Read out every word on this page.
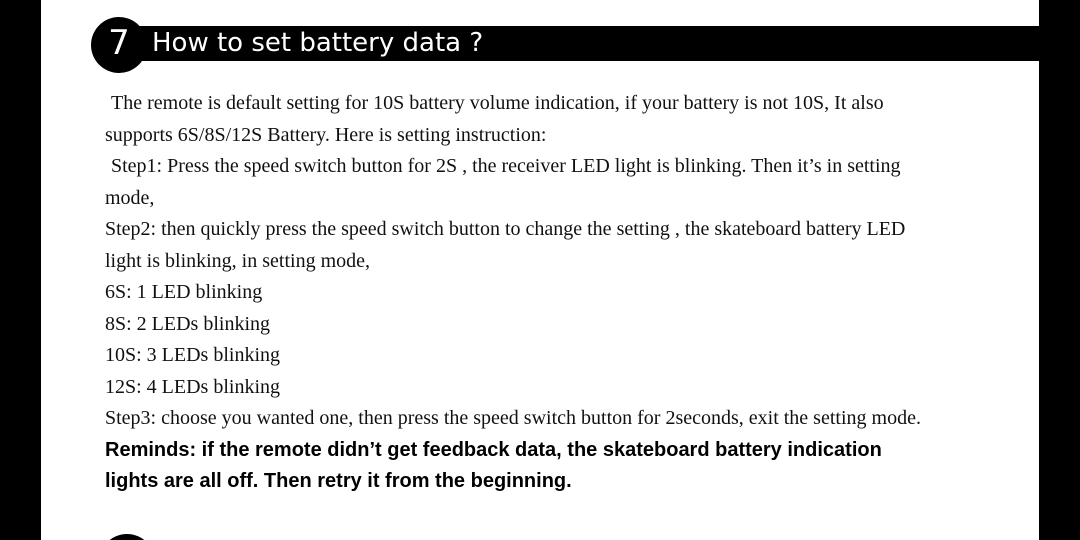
How to set battery data ?
7

The remote is default setting for 10S battery volume indication, if your battery is not 10S, It also

supports 6S/8S/12S Battery. Here is setting instruction:

Step1: Press the speed switch button for 2S , the receiver LED light is blinking. Then it’s in setting

mode,

Step2: then quickly press the speed switch button to change the setting , the skateboard battery LED

light is blinking, in setting mode,

6S: 1 LED blinking

8S: 2 LEDs blinking

10S: 3 LEDs blinking

12S: 4 LEDs blinking

Step3: choose you wanted one, then press the speed switch button for 2seconds, exit the setting mode.

Reminds: if the remote didn’t get feedback data, the skateboard battery indication

lights are all off. Then retry it from the beginning.
